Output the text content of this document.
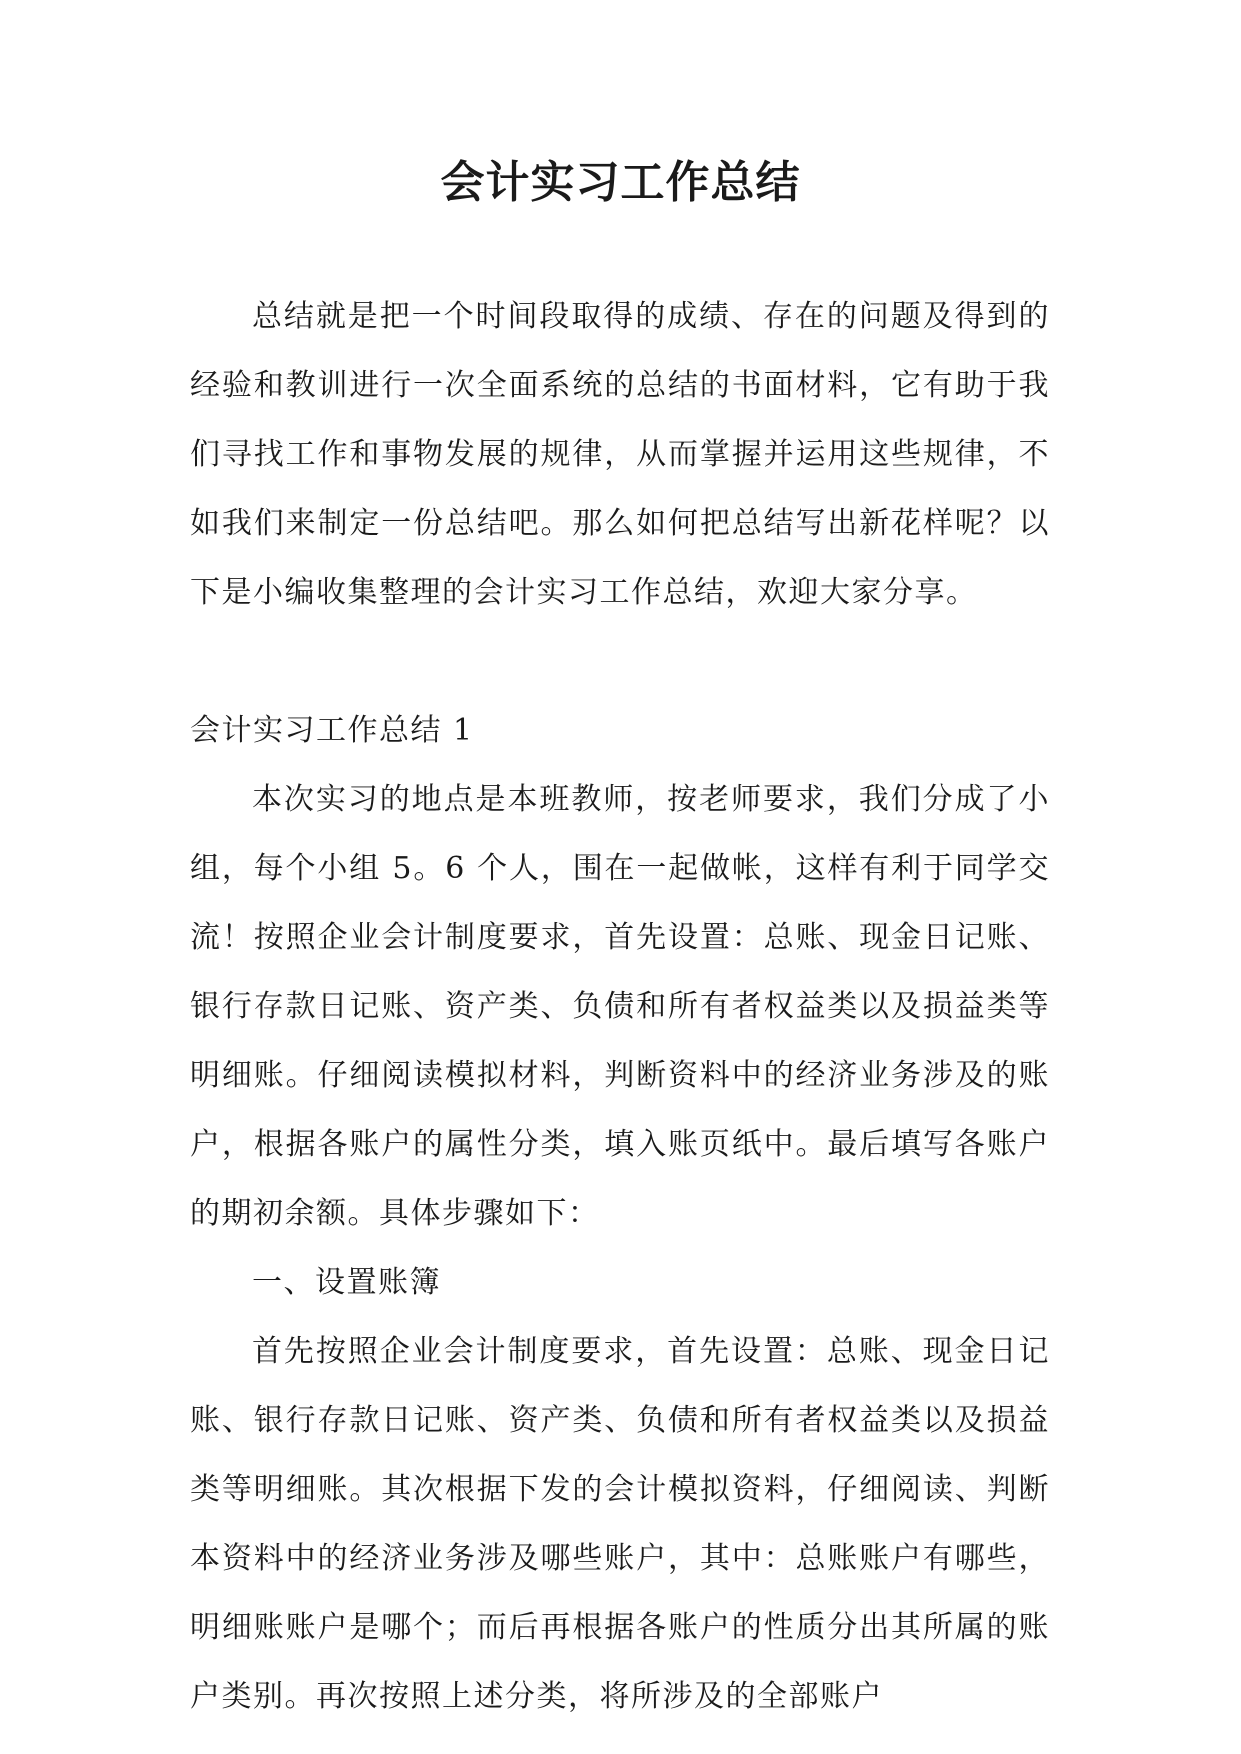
会计实习工作总结

总结就是把一个时间段取得的成绩、存在的问题及得到的经验和教训进行一次全面系统的总结的书面材料，它有助于我们寻找工作和事物发展的规律，从而掌握并运用这些规律，不如我们来制定一份总结吧。那么如何把总结写出新花样呢？以下是小编收集整理的会计实习工作总结，欢迎大家分享。

会计实习工作总结 1

本次实习的地点是本班教师，按老师要求，我们分成了小组，每个小组 5。6 个人，围在一起做帐，这样有利于同学交流！按照企业会计制度要求，首先设置：总账、现金日记账、银行存款日记账、资产类、负债和所有者权益类以及损益类等明细账。仔细阅读模拟材料，判断资料中的经济业务涉及的账户，根据各账户的属性分类，填入账页纸中。最后填写各账户的期初余额。具体步骤如下：

一、设置账簿

首先按照企业会计制度要求，首先设置：总账、现金日记账、银行存款日记账、资产类、负债和所有者权益类以及损益类等明细账。其次根据下发的会计模拟资料，仔细阅读、判断本资料中的经济业务涉及哪些账户，其中：总账账户有哪些，明细账账户是哪个；而后再根据各账户的性质分出其所属的账户类别。再次按照上述分类，将所涉及的全部账户
